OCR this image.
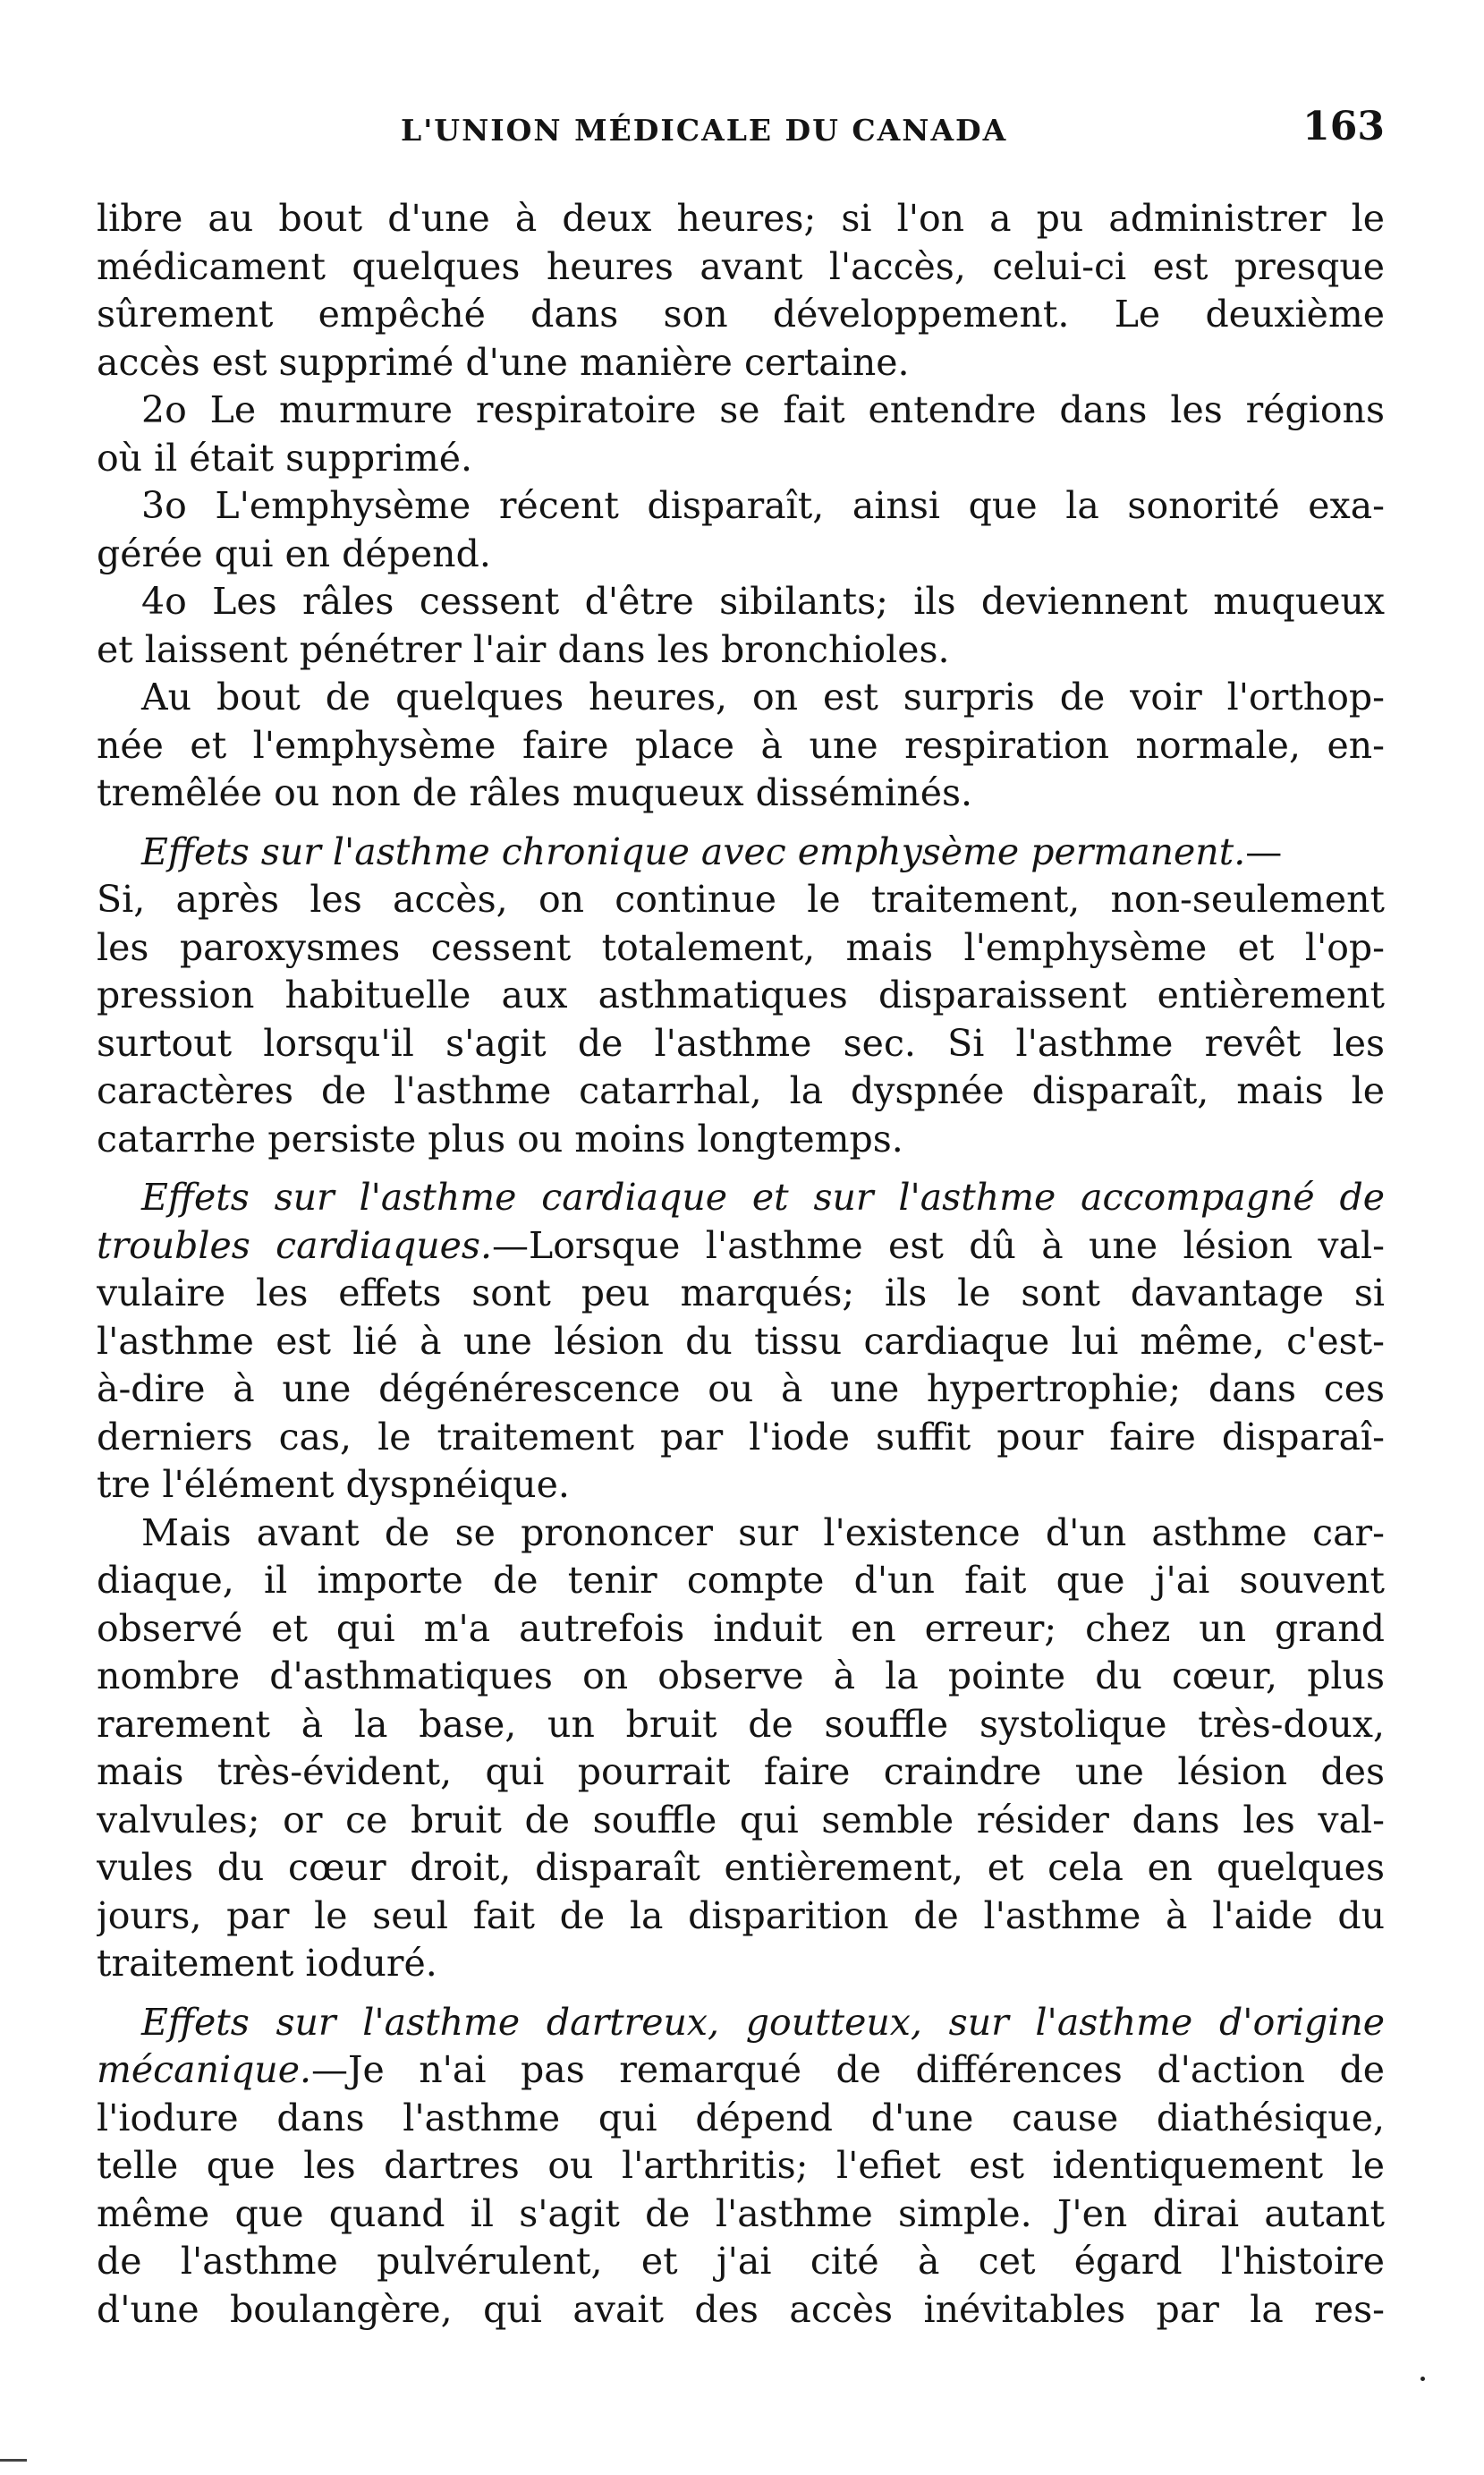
L'UNION MÉDICALE DU CANADA	163
libre au bout d'une à deux heures; si l'on a pu administrer le
médicament quelques heures avant l'accès, celui-ci est presque
sûrement empêché dans son développement. Le deuxième
accès est supprimé d'une manière certaine.
2o Le murmure respiratoire se fait entendre dans les régions
où il était supprimé.
3o L'emphysème récent disparaît, ainsi que la sonorité exa-
gérée qui en dépend.
4o Les râles cessent d'être sibilants; ils deviennent muqueux
et laissent pénétrer l'air dans les bronchioles.
Au bout de quelques heures, on est surpris de voir l'orthop-
née et l'emphysème faire place à une respiration normale, en-
tremêlée ou non de râles muqueux disséminés.
Effets sur l'asthme chronique avec emphysème permanent.—
Si, après les accès, on continue le traitement, non-seulement
les paroxysmes cessent totalement, mais l'emphysème et l'op-
pression habituelle aux asthmatiques disparaissent entièrement
surtout lorsqu'il s'agit de l'asthme sec. Si l'asthme revêt les
caractères de l'asthme catarrhal, la dyspnée disparaît, mais le
catarrhe persiste plus ou moins longtemps.
Effets sur l'asthme cardiaque et sur l'asthme accompagné de
troubles cardiaques.—Lorsque l'asthme est dû à une lésion val-
vulaire les effets sont peu marqués; ils le sont davantage si
l'asthme est lié à une lésion du tissu cardiaque lui même, c'est-
à-dire à une dégénérescence ou à une hypertrophie; dans ces
derniers cas, le traitement par l'iode suffit pour faire disparaî-
tre l'élément dyspnéique.
Mais avant de se prononcer sur l'existence d'un asthme car-
diaque, il importe de tenir compte d'un fait que j'ai souvent
observé et qui m'a autrefois induit en erreur; chez un grand
nombre d'asthmatiques on observe à la pointe du cœur, plus
rarement à la base, un bruit de souffle systolique très-doux,
mais très-évident, qui pourrait faire craindre une lésion des
valvules; or ce bruit de souffle qui semble résider dans les val-
vules du cœur droit, disparaît entièrement, et cela en quelques
jours, par le seul fait de la disparition de l'asthme à l'aide du
traitement ioduré.
Effets sur l'asthme dartreux, goutteux, sur l'asthme d'origine
mécanique.—Je n'ai pas remarqué de différences d'action de
l'iodure dans l'asthme qui dépend d'une cause diathésique,
telle que les dartres ou l'arthritis; l'efiet est identiquement le
même que quand il s'agit de l'asthme simple. J'en dirai autant
de l'asthme pulvérulent, et j'ai cité à cet égard l'histoire
d'une boulangère, qui avait des accès inévitables par la res-
